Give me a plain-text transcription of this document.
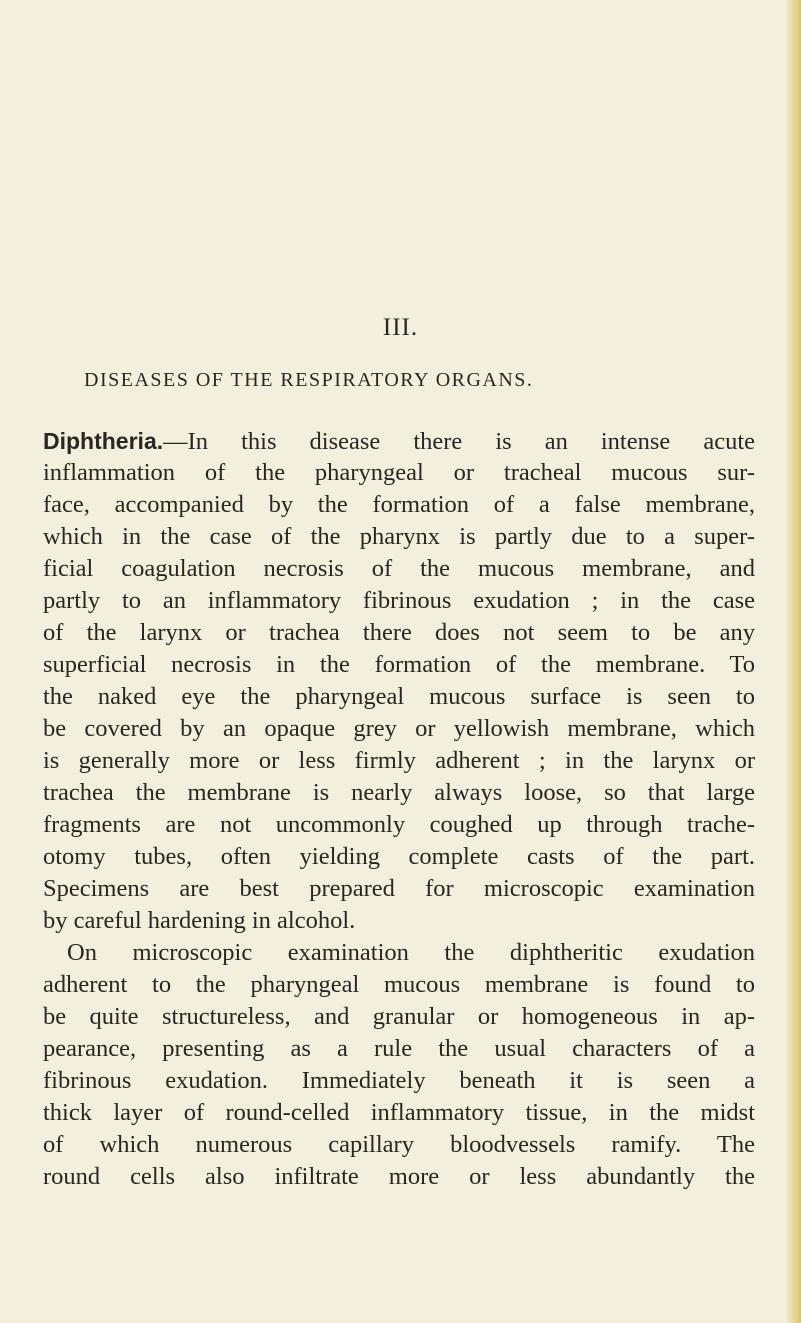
III.
DISEASES OF THE RESPIRATORY ORGANS.
Diphtheria.—In this disease there is an intense acute
inflammation of the pharyngeal or tracheal mucous sur-
face, accompanied by the formation of a false membrane,
which in the case of the pharynx is partly due to a super-
ficial coagulation necrosis of the mucous membrane, and
partly to an inflammatory fibrinous exudation ; in the case
of the larynx or trachea there does not seem to be any
superficial necrosis in the formation of the membrane. To
the naked eye the pharyngeal mucous surface is seen to
be covered by an opaque grey or yellowish membrane, which
is generally more or less firmly adherent ; in the larynx or
trachea the membrane is nearly always loose, so that large
fragments are not uncommonly coughed up through trache-
otomy tubes, often yielding complete casts of the part.
Specimens are best prepared for microscopic examination
by careful hardening in alcohol.
On microscopic examination the diphtheritic exudation
adherent to the pharyngeal mucous membrane is found to
be quite structureless, and granular or homogeneous in ap-
pearance, presenting as a rule the usual characters of a
fibrinous exudation. Immediately beneath it is seen a
thick layer of round-celled inflammatory tissue, in the midst
of which numerous capillary bloodvessels ramify. The
round cells also infiltrate more or less abundantly the
